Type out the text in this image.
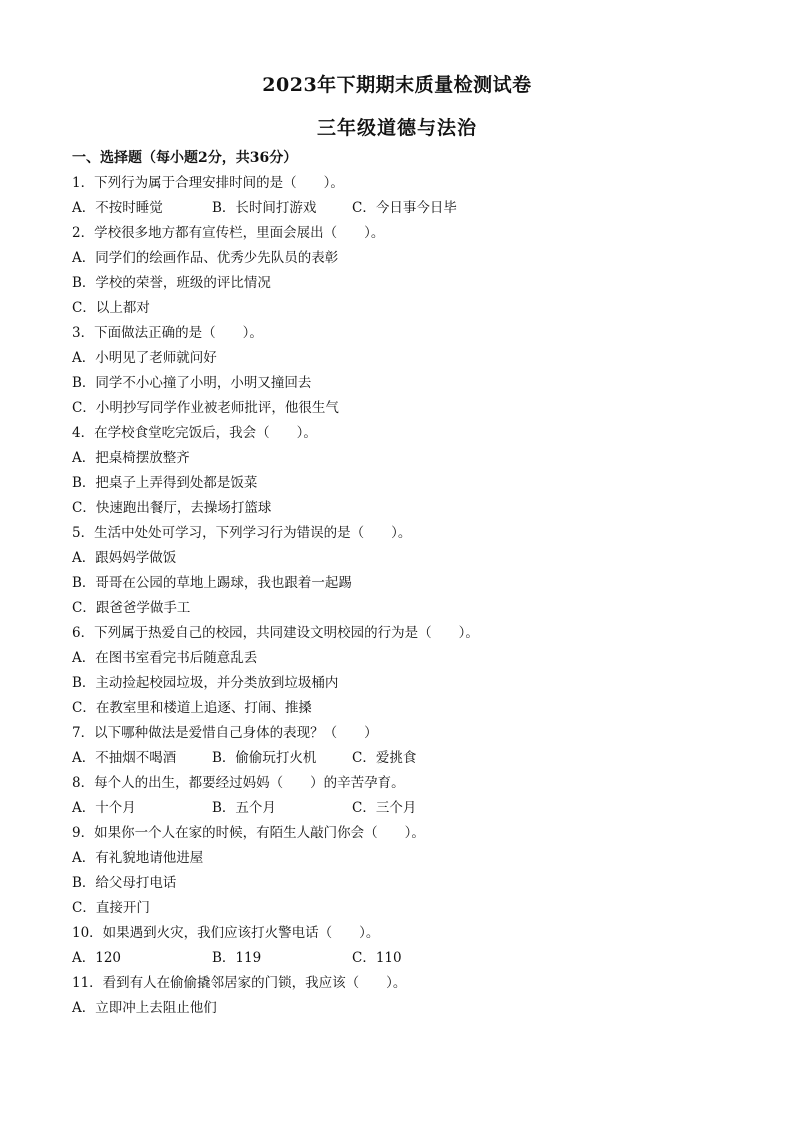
2023年下期期末质量检测试卷
三年级道德与法治
一、选择题（每小题2分，共36分）
1．下列行为属于合理安排时间的是（　　）。
A．不按时睡觉	B．长时间打游戏	C．今日事今日毕
2．学校很多地方都有宣传栏，里面会展出（　　）。
A．同学们的绘画作品、优秀少先队员的表彰
B．学校的荣誉，班级的评比情况
C．以上都对
3．下面做法正确的是（　　）。
A．小明见了老师就问好
B．同学不小心撞了小明，小明又撞回去
C．小明抄写同学作业被老师批评，他很生气
4．在学校食堂吃完饭后，我会（　　）。
A．把桌椅摆放整齐
B．把桌子上弄得到处都是饭菜
C．快速跑出餐厅，去操场打篮球
5．生活中处处可学习，下列学习行为错误的是（　　）。
A．跟妈妈学做饭
B．哥哥在公园的草地上踢球，我也跟着一起踢
C．跟爸爸学做手工
6．下列属于热爱自己的校园，共同建设文明校园的行为是（　　）。
A．在图书室看完书后随意乱丢
B．主动捡起校园垃圾，并分类放到垃圾桶内
C．在教室里和楼道上追逐、打闹、推搡
7．以下哪种做法是爱惜自己身体的表现？（　　）
A．不抽烟不喝酒	B．偷偷玩打火机	C．爱挑食
8．每个人的出生，都要经过妈妈（　　）的辛苦孕育。
A．十个月	B．五个月	C．三个月
9．如果你一个人在家的时候，有陌生人敲门你会（　　）。
A．有礼貌地请他进屋
B．给父母打电话
C．直接开门
10．如果遇到火灾，我们应该打火警电话（　　）。
A．120	B．119	C．110
11．看到有人在偷偷撬邻居家的门锁，我应该（　　）。
A．立即冲上去阻止他们
